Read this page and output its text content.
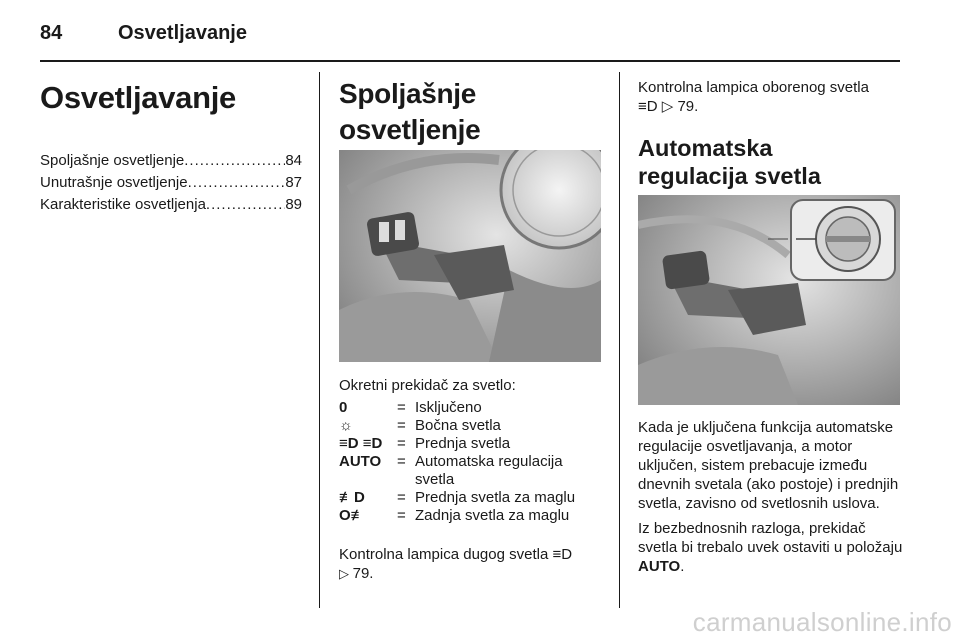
84	Osvetljavanje
Osvetljavanje
Spoljašnje osvetljenje .....	84
Unutrašnje osvetljenje .....	87
Karakteristike osvetljenja .....	89
Spoljašnje osvetljenje
Okretni prekidač za svetlo:
0	= Isključeno
☼	= Bočna svetla
≡D ≡D = Prednja svetla
AUTO	= Automatska regulacija svetla
≢D	= Prednja svetla za maglu
O≢	= Zadnja svetla za maglu
Kontrolna lampica dugog svetla ≡D
▷ 79.
Kontrolna lampica oborenog svetla
≡D ▷ 79.
Automatska regulacija svetla
Kada je uključena funkcija automatske regulacije osvetljavanja, a motor uključen, sistem prebacuje između dnevnih svetala (ako postoje) i prednjih svetla, zavisno od svetlosnih uslova.
Iz bezbednosnih razloga, prekidač svetla bi trebalo uvek ostaviti u položaju AUTO.
carmanualsonline.info
